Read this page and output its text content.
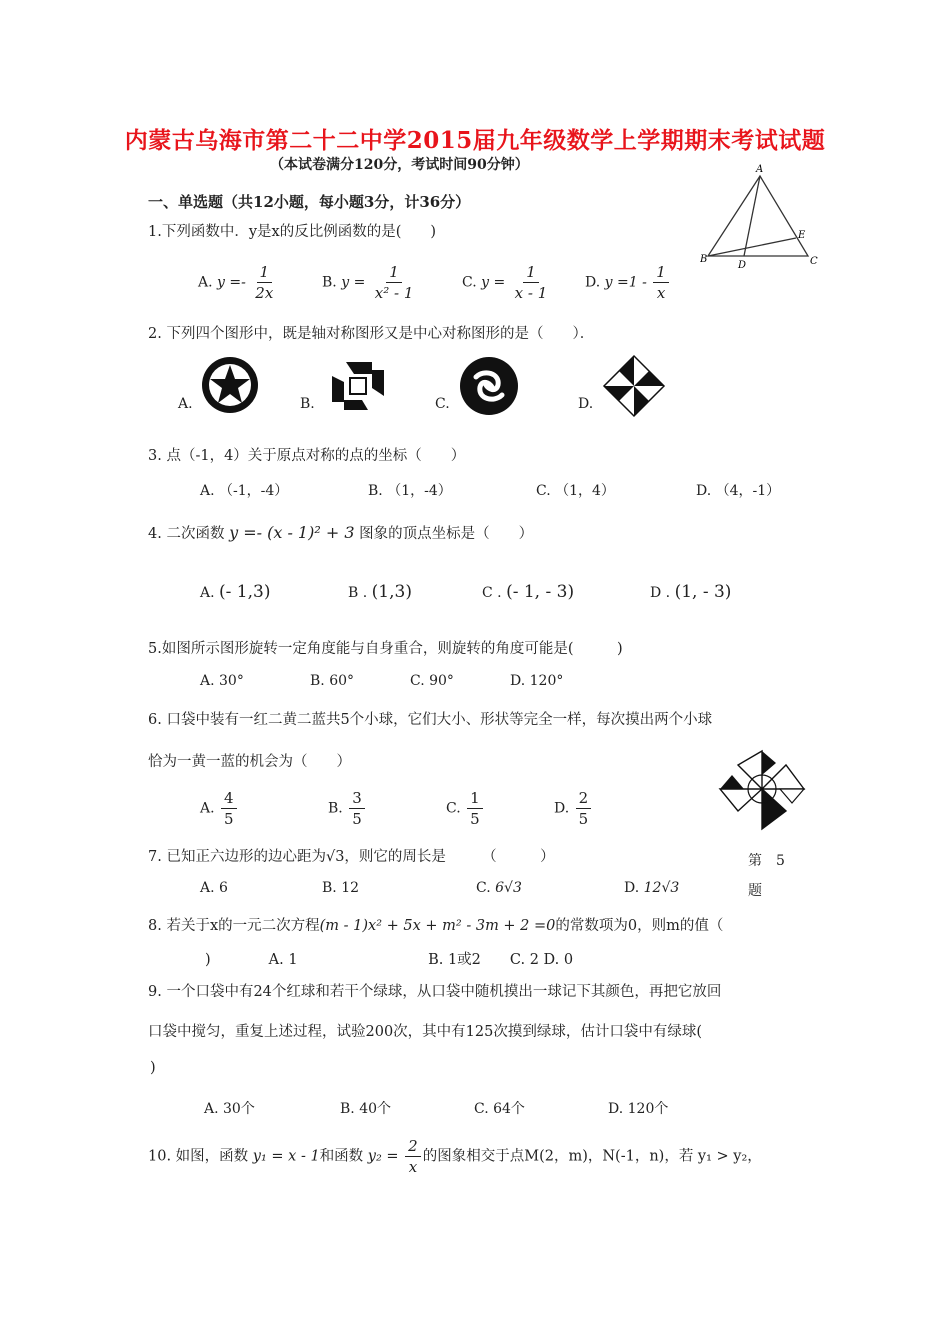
内蒙古乌海市第二十二中学2015届九年级数学上学期期末考试试题
（本试卷满分120分，考试时间90分钟）	A
B
D
E
C
一、单选题（共12小题，每小题3分，计36分）
1.下列函数中．y是x的反比例函数的是(　　)
A. $y =- \frac{1}{2x}$	B. $y = \frac{1}{\text{x² - 1}}$	C. $y = \frac{1}{x - 1} D$. $y =1 - \frac{1}{x}$
2. 下列四个图形中，既是轴对称图形又是中心对称图形的是（　　）．
A.	B.	C.	D.
3. 点（-1，4）关于原点对称的点的坐标（　　）
A. （-1，-4）	B. （1，-4）	C. （1，4）	D. （4，-1）
4. 二次函数 y =- (x - 1)² + 3 图象的顶点坐标是（　　）
A. (- 1,3)	B . (1,3)	C . (- 1, - 3)	D . (1, - 3)
5.如图所示图形旋转一定角度能与自身重合，则旋转的角度可能是(　　　)
A. 30°	B. 60°	C. 90°	D. 120°
第　5
题
6. 口袋中装有一红二黄二蓝共5个小球，它们大小、形状等完全一样，每次摸出两个小球
恰为一黄一蓝的机会为（　　）
A. $\frac{4}{5}$	B. $\frac{3}{5}$	C. $\frac{1}{5}$	D. $\frac{2}{5}$
7. 已知正六边形的边心距为√3，则它的周长是　　　（　　　）
A. 6	B. 12	C. 6√3	D. 12√3
8. 若关于x的一元二次方程(m - 1)x² + 5x + m² - 3m + 2 =0的常数项为0，则m的值（
　　)　　　　A. 1　　　　　　　　　B. 1或2　　C. 2 D. 0
9. 一个口袋中有24个红球和若干个绿球，从口袋中随机摸出一球记下其颜色，再把它放回
口袋中搅匀，重复上述过程，试验200次，其中有125次摸到绿球，估计口袋中有绿球(
)
A. 30个	B. 40个	C. 64个	D. 120个
10. 如图，函数 y₁ = x - 1和函数 $y_2 = \frac{2}{x}$ 的图象相交于点M(2，m)，N(-1，n)，若 y₁ > y₂，
